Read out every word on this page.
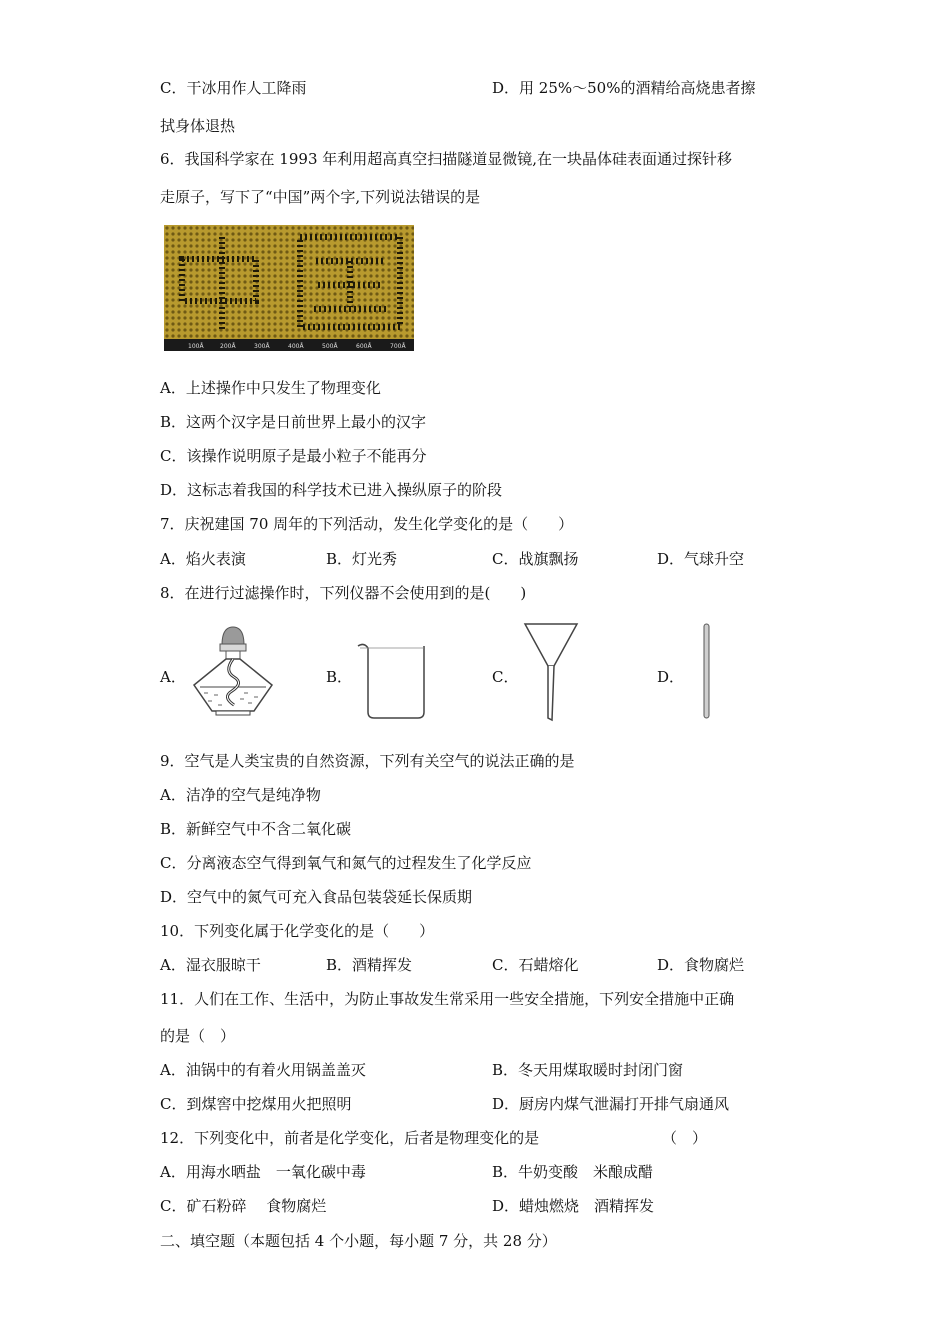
C．干冰用作人工降雨	D．用 25%～50%的酒精给高烧患者擦
拭身体退热
6．我国科学家在 1993 年利用超高真空扫描隧道显微镜,在一块晶体硅表面通过探针移
走原子，写下了“中国”两个字,下列说法错误的是
100Å	200Å	300Å	400Å	500Å	600Å	700Å
A．上述操作中只发生了物理变化
B．这两个汉字是日前世界上最小的汉字
C．该操作说明原子是最小粒子不能再分
D．这标志着我国的科学技术已进入操纵原子的阶段
7．庆祝建国 70 周年的下列活动，发生化学变化的是（　　）
A．焰火表演	B．灯光秀	C．战旗飘扬	D．气球升空
8．在进行过滤操作时，下列仪器不会使用到的是(　　)
A．	B．	C．	D．
9．空气是人类宝贵的自然资源，下列有关空气的说法正确的是
A．洁净的空气是纯净物
B．新鲜空气中不含二氧化碳
C．分离液态空气得到氧气和氮气的过程发生了化学反应
D．空气中的氮气可充入食品包装袋延长保质期
10．下列变化属于化学变化的是（　　）
A．湿衣服晾干	B．酒精挥发	C．石蜡熔化	D．食物腐烂
11．人们在工作、生活中，为防止事故发生常采用一些安全措施，下列安全措施中正确
的是（　）
A．油锅中的有着火用锅盖盖灭	B．冬天用煤取暖时封闭门窗
C．到煤窖中挖煤用火把照明	D．厨房内煤气泄漏打开排气扇通风
12．下列变化中，前者是化学变化，后者是物理变化的是	（　）
A．用海水晒盐　一氧化碳中毒	B．牛奶变酸　米酿成醋
C．矿石粉碎　 食物腐烂	D．蜡烛燃烧　酒精挥发
二、填空题（本题包括 4 个小题，每小题 7 分，共 28 分）
